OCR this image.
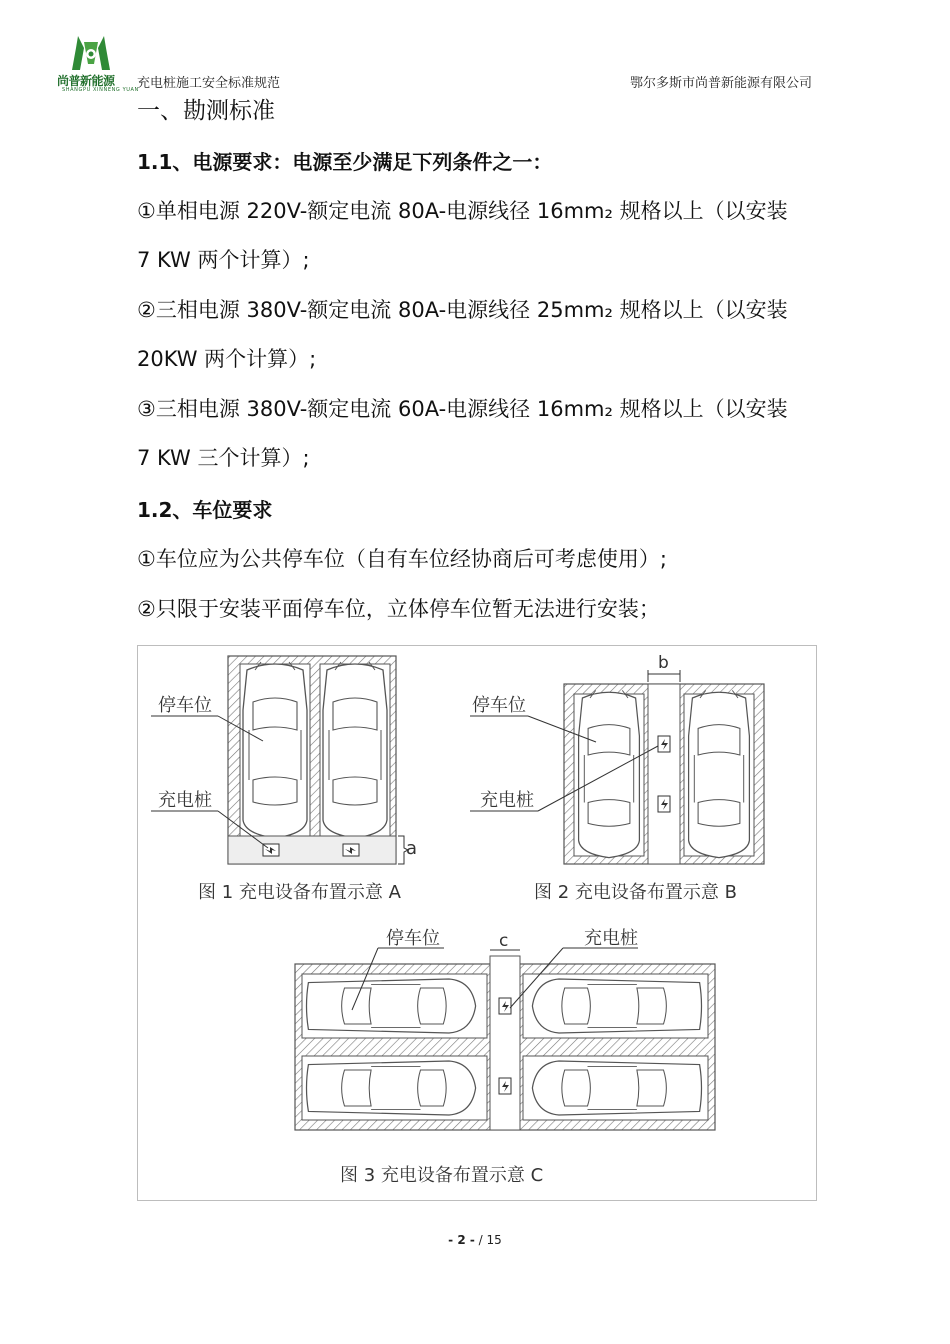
尚普新能源
SHANGPU XINNENG YUAN
充电桩施工安全标准规范	鄂尔多斯市尚普新能源有限公司
一、勘测标准
1.1、电源要求：电源至少满足下列条件之一：
①单相电源 220V-额定电流 80A-电源线径 16mm₂ 规格以上（以安装
7 KW 两个计算）;
②三相电源 380V-额定电流 80A-电源线径 25mm₂ 规格以上（以安装
20KW 两个计算）;
③三相电源 380V-额定电流 60A-电源线径 16mm₂ 规格以上（以安装
7 KW 三个计算）;
1.2、车位要求
①车位应为公共停车位（自有车位经协商后可考虑使用）;
②只限于安装平面停车位，立体停车位暂无法进行安装；
停车位
充电桩
a
图 1 充电设备布置示意 A
b
停车位
充电桩
图 2 充电设备布置示意 B
c
停车位	充电桩
图 3 充电设备布置示意 C
- 2 - / 15
